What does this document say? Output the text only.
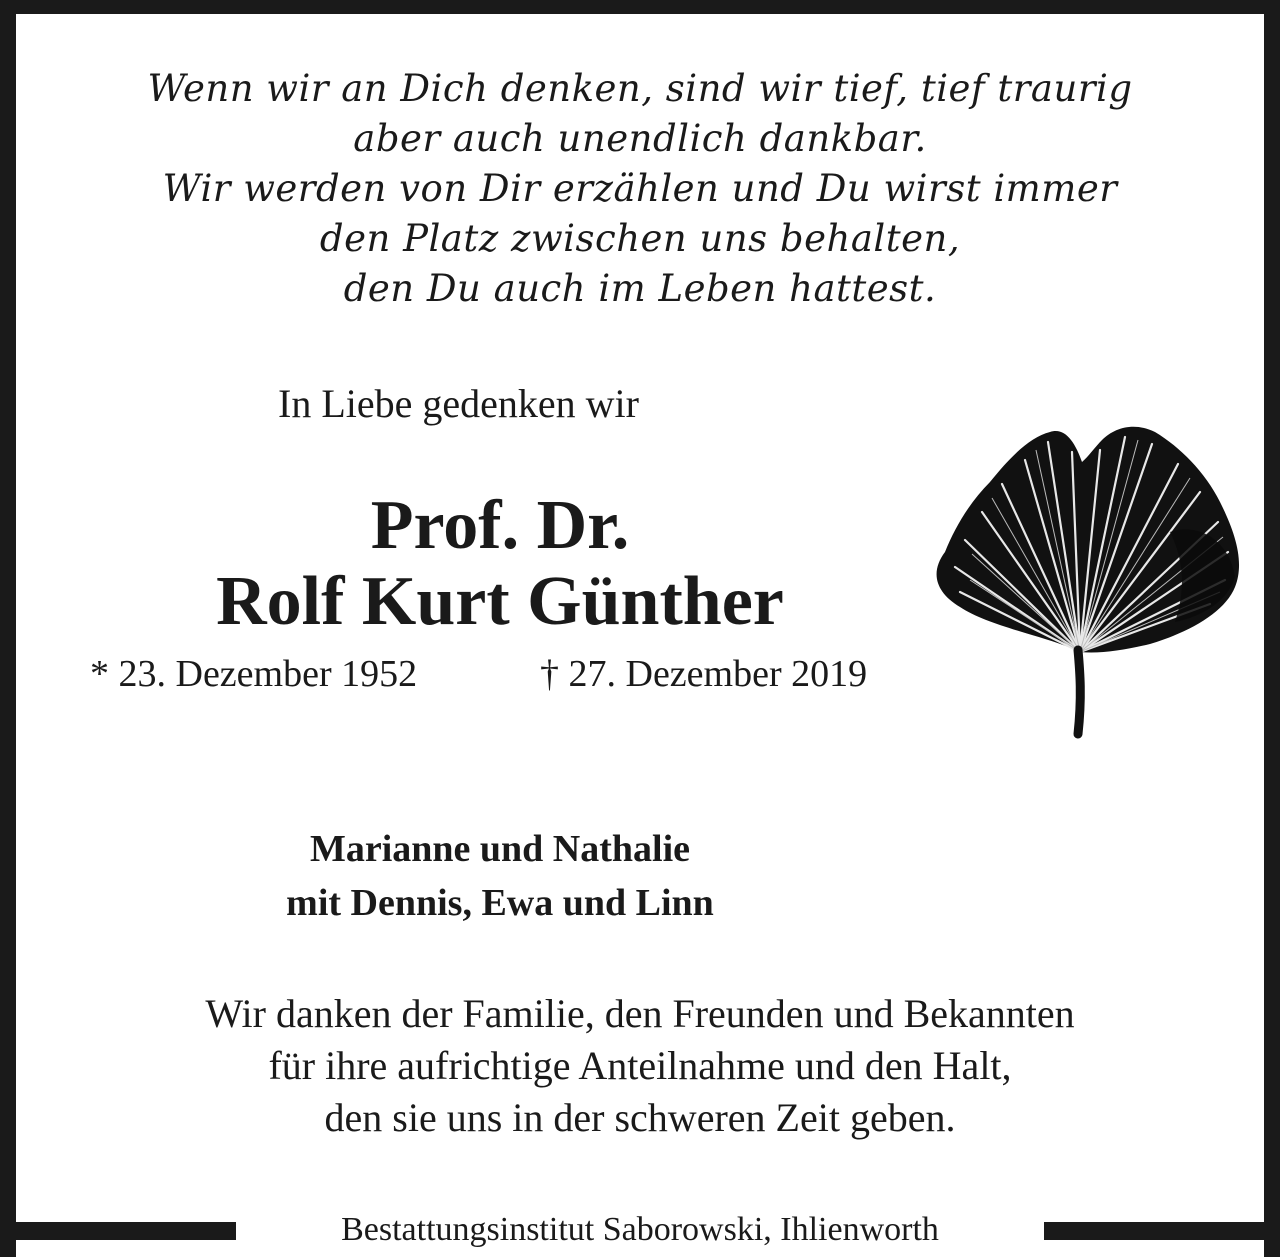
Wenn wir an Dich denken, sind wir tief, tief traurig
aber auch unendlich dankbar.
Wir werden von Dir erzählen und Du wirst immer
den Platz zwischen uns behalten,
den Du auch im Leben hattest.
In Liebe gedenken wir
Prof. Dr.
Rolf Kurt Günther
* 23. Dezember 1952	† 27. Dezember 2019
Marianne und Nathalie
mit Dennis, Ewa und Linn
Wir danken der Familie, den Freunden und Bekannten
für ihre aufrichtige Anteilnahme und den Halt,
den sie uns in der schweren Zeit geben.
Bestattungsinstitut Saborowski, Ihlienworth
